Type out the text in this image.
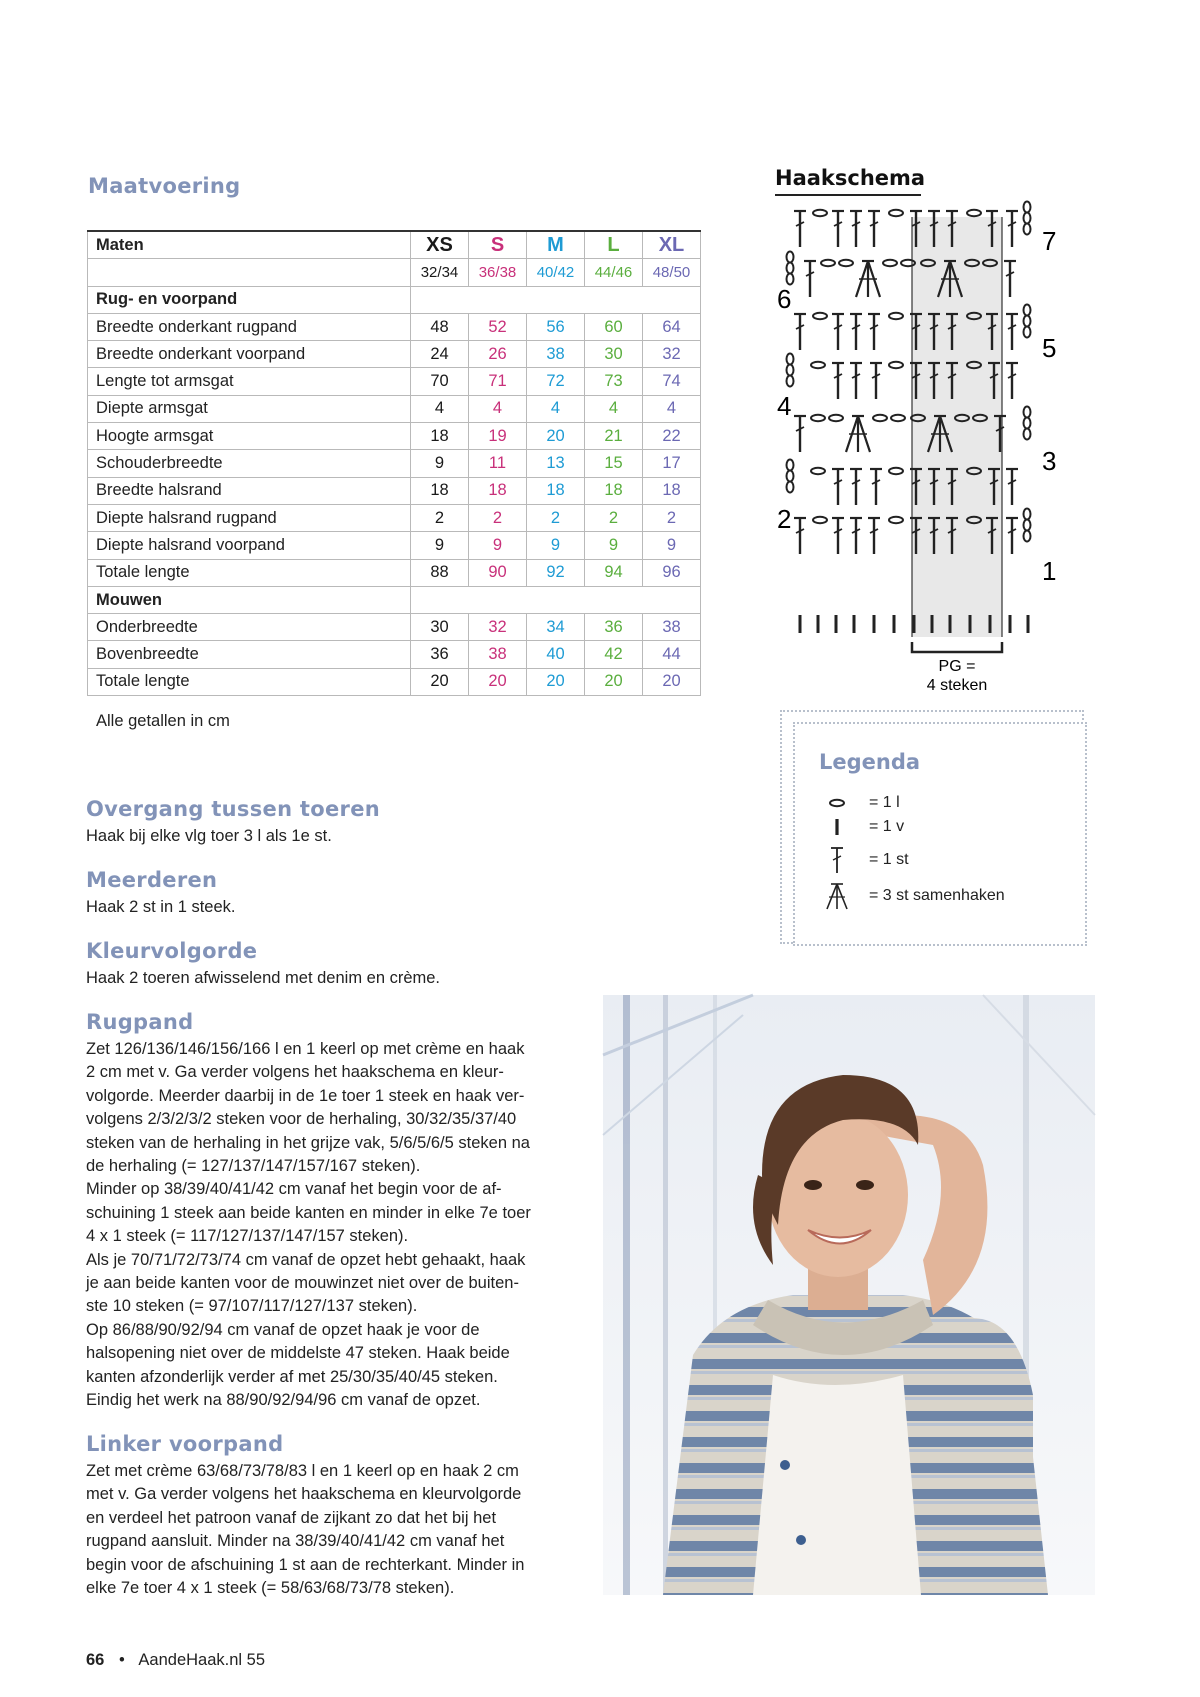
Maatvoering
Maten	XS	S	M	L	XL
	32/34	36/38	40/42	44/46	48/50
Rug- en voorpand					
Breedte onderkant rugpand	48	52	56	60	64
Breedte onderkant voorpand	24	26	38	30	32
Lengte tot armsgat	70	71	72	73	74
Diepte armsgat	4	4	4	4	4
Hoogte armsgat	18	19	20	21	22
Schouderbreedte	9	11	13	15	17
Breedte halsrand	18	18	18	18	18
Diepte halsrand rugpand	2	2	2	2	2
Diepte halsrand voorpand	9	9	9	9	9
Totale lengte	88	90	92	94	96
Mouwen					
Onderbreedte	30	32	34	36	38
Bovenbreedte	36	38	40	42	44
Totale lengte	20	20	20	20	20
Alle getallen in cm
Overgang tussen toeren

Haak bij elke vlg toer 3 l als 1e st.

Meerderen

Haak 2 st in 1 steek.

Kleurvolgorde

Haak 2 toeren afwisselend met denim en crème.

Rugpand
Zet 126/136/146/156/166 l en 1 keerl op met crème en haak
2 cm met v. Ga verder volgens het haakschema en kleur-
volgorde. Meerder daarbij in de 1e toer 1 steek en haak ver-
volgens 2/3/2/3/2 steken voor de herhaling, 30/32/35/37/40
steken van de herhaling in het grijze vak, 5/6/5/6/5 steken na
de herhaling (= 127/137/147/157/167 steken).
Minder op 38/39/40/41/42 cm vanaf het begin voor de af-
schuining 1 steek aan beide kanten en minder in elke 7e toer
4 x 1 steek (= 117/127/137/147/157 steken).
Als je 70/71/72/73/74 cm vanaf de opzet hebt gehaakt, haak
je aan beide kanten voor de mouwinzet niet over de buiten-
ste 10 steken (= 97/107/117/127/137 steken).
Op 86/88/90/92/94 cm vanaf de opzet haak je voor de
halsopening niet over de middelste 47 steken. Haak beide
kanten afzonderlijk verder af met 25/30/35/40/45 steken.
Eindig het werk na 88/90/92/94/96 cm vanaf de opzet.
Linker voorpand
Zet met crème 63/68/73/78/83 l en 1 keerl op en haak 2 cm
met v. Ga verder volgens het haakschema en kleurvolgorde
en verdeel het patroon vanaf de zijkant zo dat het bij het
rugpand aansluit. Minder na 38/39/40/41/42 cm vanaf het
begin voor de afschuining 1 st aan de rechterkant. Minder in
elke 7e toer 4 x 1 steek (= 58/63/68/73/78 steken).
Haakschema
PG =
4 steken
7
6
5
4
3
2
1
Legenda
= 1 l
= 1 v
= 1 st
= 3 st samenhaken
66 • AandeHaak.nl 55
